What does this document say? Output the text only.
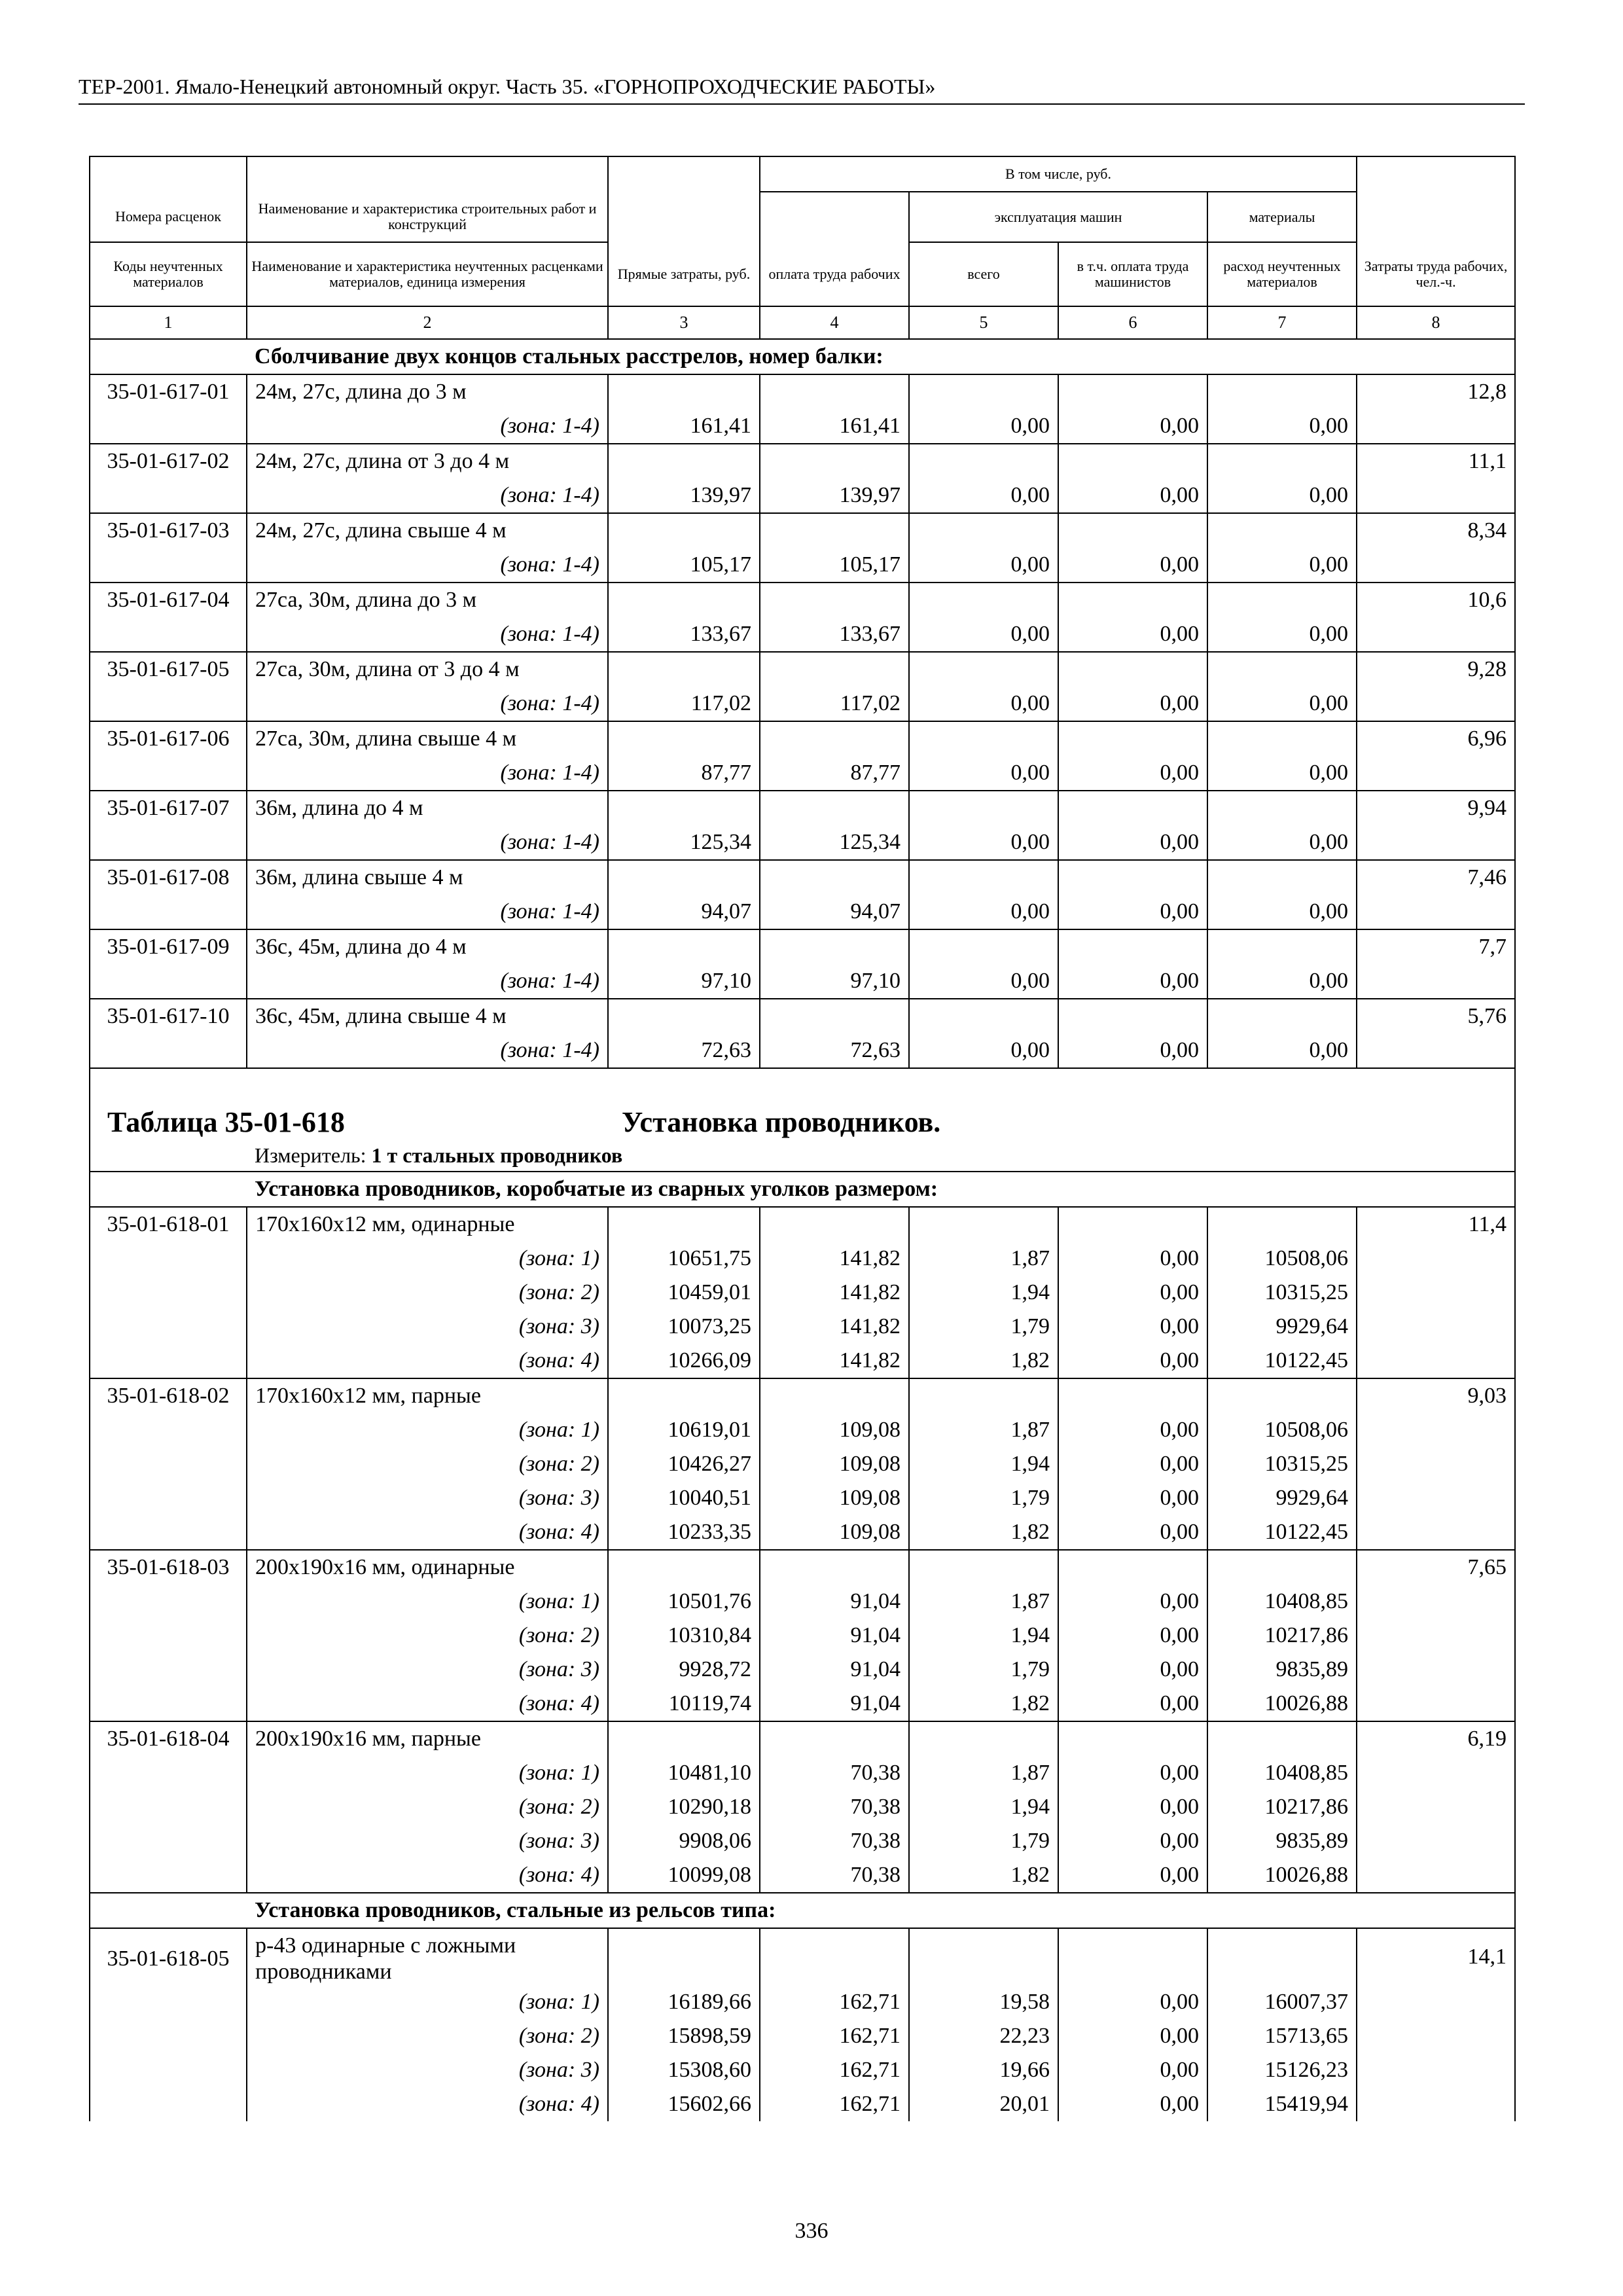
ТЕР-2001. Ямало-Ненецкий автономный округ. Часть 35. «ГОРНОПРОХОДЧЕСКИЕ РАБОТЫ»
			В том числе, руб.				
Номера расценок	Наименование и характеристика строительных работ и конструкций			эксплуатация машин		материалы	
Коды неучтенных материалов	Наименование и характеристика неучтенных расценками материалов, единица измерения	Прямые затраты, руб.	оплата труда рабочих	всего	в т.ч. оплата труда машинистов	расход неучтенных материалов	Затраты труда рабочих, чел.-ч.
1	2	3	4	5	6	7	8
	Сболчивание двух концов стальных расстрелов, номер балки:						
35-01-617-01	24м, 27с, длина до 3 м						12,8
	(зона: 1-4)	161,41	161,41	0,00	0,00	0,00	
35-01-617-02	24м, 27с, длина от 3 до 4 м						11,1
	(зона: 1-4)	139,97	139,97	0,00	0,00	0,00	
35-01-617-03	24м, 27с, длина свыше 4 м						8,34
	(зона: 1-4)	105,17	105,17	0,00	0,00	0,00	
35-01-617-04	27са, 30м, длина до 3 м						10,6
	(зона: 1-4)	133,67	133,67	0,00	0,00	0,00	
35-01-617-05	27са, 30м, длина от 3 до 4 м						9,28
	(зона: 1-4)	117,02	117,02	0,00	0,00	0,00	
35-01-617-06	27са, 30м, длина свыше 4 м						6,96
	(зона: 1-4)	87,77	87,77	0,00	0,00	0,00	
35-01-617-07	36м, длина до 4 м						9,94
	(зона: 1-4)	125,34	125,34	0,00	0,00	0,00	
35-01-617-08	36м, длина свыше 4 м						7,46
	(зона: 1-4)	94,07	94,07	0,00	0,00	0,00	
35-01-617-09	36с, 45м, длина до 4 м						7,7
	(зона: 1-4)	97,10	97,10	0,00	0,00	0,00	
35-01-617-10	36с, 45м, длина свыше 4 м						5,76
	(зона: 1-4)	72,63	72,63	0,00	0,00	0,00	
Таблица 35-01-618 Установка проводников.							
	Измеритель: 1 т стальных проводников						
	Установка проводников, коробчатые из сварных уголков размером:						
35-01-618-01	170х160х12 мм, одинарные						11,4
	(зона: 1)	10651,75	141,82	1,87	0,00	10508,06	
	(зона: 2)	10459,01	141,82	1,94	0,00	10315,25	
	(зона: 3)	10073,25	141,82	1,79	0,00	9929,64	
	(зона: 4)	10266,09	141,82	1,82	0,00	10122,45	
35-01-618-02	170х160х12 мм, парные						9,03
	(зона: 1)	10619,01	109,08	1,87	0,00	10508,06	
	(зона: 2)	10426,27	109,08	1,94	0,00	10315,25	
	(зона: 3)	10040,51	109,08	1,79	0,00	9929,64	
	(зона: 4)	10233,35	109,08	1,82	0,00	10122,45	
35-01-618-03	200х190х16 мм, одинарные						7,65
	(зона: 1)	10501,76	91,04	1,87	0,00	10408,85	
	(зона: 2)	10310,84	91,04	1,94	0,00	10217,86	
	(зона: 3)	9928,72	91,04	1,79	0,00	9835,89	
	(зона: 4)	10119,74	91,04	1,82	0,00	10026,88	
35-01-618-04	200х190х16 мм, парные						6,19
	(зона: 1)	10481,10	70,38	1,87	0,00	10408,85	
	(зона: 2)	10290,18	70,38	1,94	0,00	10217,86	
	(зона: 3)	9908,06	70,38	1,79	0,00	9835,89	
	(зона: 4)	10099,08	70,38	1,82	0,00	10026,88	
	Установка проводников, стальные из рельсов типа:						
35-01-618-05	р-43 одинарные с ложными проводниками						14,1
	(зона: 1)	16189,66	162,71	19,58	0,00	16007,37	
	(зона: 2)	15898,59	162,71	22,23	0,00	15713,65	
	(зона: 3)	15308,60	162,71	19,66	0,00	15126,23	
	(зона: 4)	15602,66	162,71	20,01	0,00	15419,94	
336
